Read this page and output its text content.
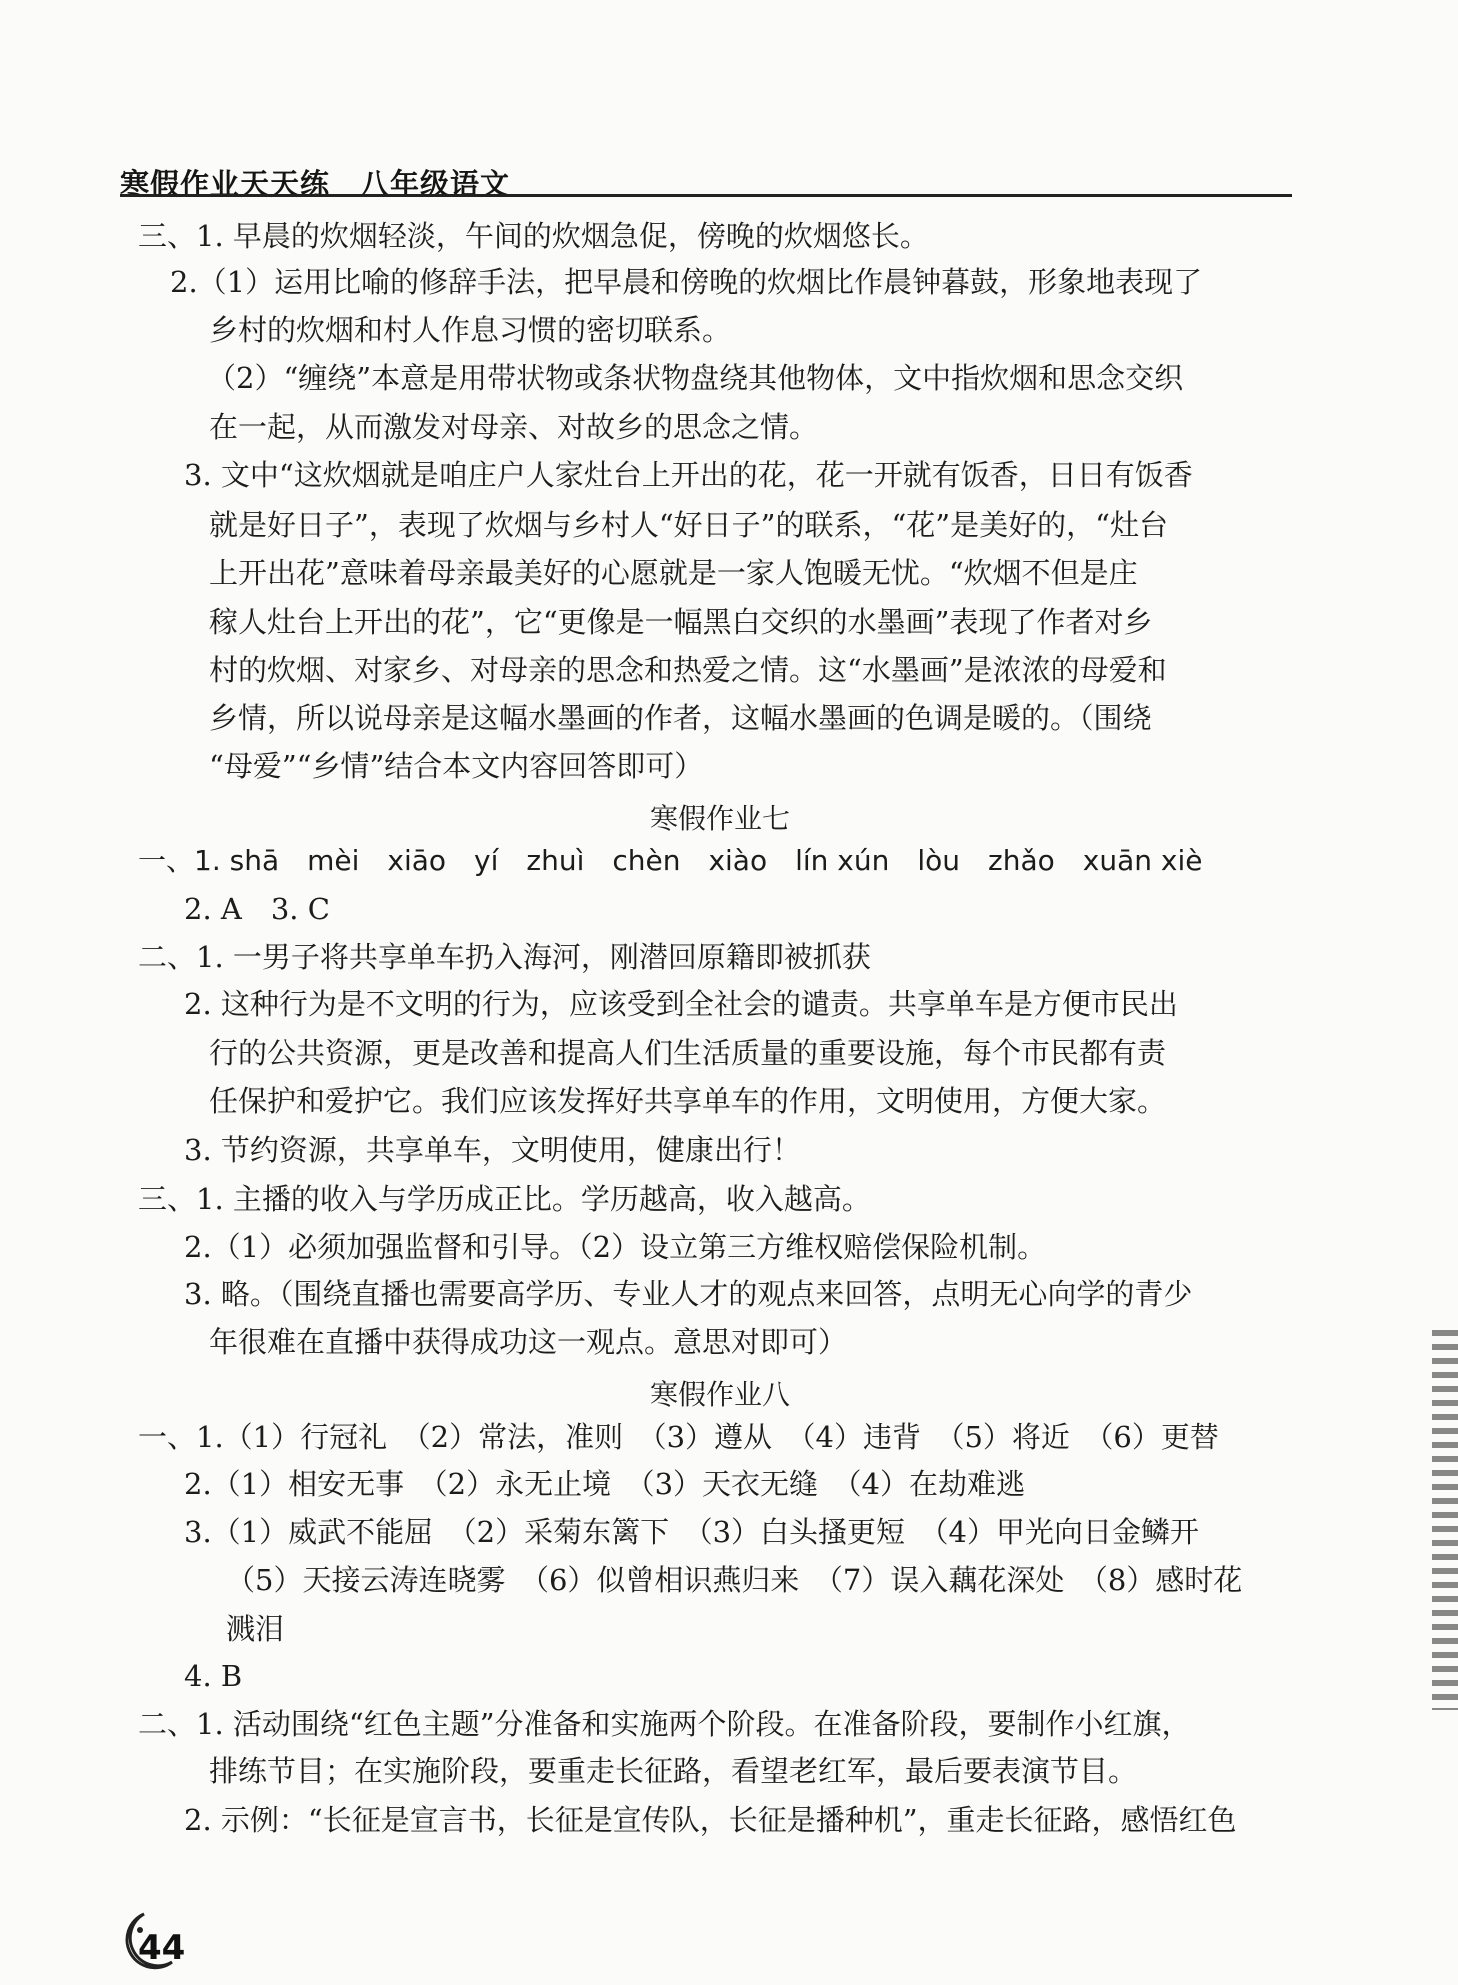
寒假作业天天练　八年级语文

三、1. 早晨的炊烟轻淡，午间的炊烟急促，傍晚的炊烟悠长。
2.（1）运用比喻的修辞手法，把早晨和傍晚的炊烟比作晨钟暮鼓，形象地表现了
乡村的炊烟和村人作息习惯的密切联系。
（2）“缠绕”本意是用带状物或条状物盘绕其他物体，文中指炊烟和思念交织
在一起，从而激发对母亲、对故乡的思念之情。
3. 文中“这炊烟就是咱庄户人家灶台上开出的花，花一开就有饭香，日日有饭香
就是好日子”，表现了炊烟与乡村人“好日子”的联系，“花”是美好的，“灶台
上开出花”意味着母亲最美好的心愿就是一家人饱暖无忧。“炊烟不但是庄
稼人灶台上开出的花”，它“更像是一幅黑白交织的水墨画”表现了作者对乡
村的炊烟、对家乡、对母亲的思念和热爱之情。这“水墨画”是浓浓的母爱和
乡情，所以说母亲是这幅水墨画的作者，这幅水墨画的色调是暖的。（围绕
“母爱”“乡情”结合本文内容回答即可）
寒假作业七
一、1. shā　mèi　xiāo　yí　zhuì　chèn　xiào　lín xún　lòu　zhǎo　xuān xiè
2. A　3. C
二、1. 一男子将共享单车扔入海河，刚潜回原籍即被抓获
2. 这种行为是不文明的行为，应该受到全社会的谴责。共享单车是方便市民出
行的公共资源，更是改善和提高人们生活质量的重要设施，每个市民都有责
任保护和爱护它。我们应该发挥好共享单车的作用，文明使用，方便大家。
3. 节约资源，共享单车，文明使用，健康出行！
三、1. 主播的收入与学历成正比。学历越高，收入越高。
2.（1）必须加强监督和引导。（2）设立第三方维权赔偿保险机制。
3. 略。（围绕直播也需要高学历、专业人才的观点来回答，点明无心向学的青少
年很难在直播中获得成功这一观点。意思对即可）
寒假作业八
一、1.（1）行冠礼　（2）常法，准则　（3）遵从　（4）违背　（5）将近　（6）更替
2.（1）相安无事　（2）永无止境　（3）天衣无缝　（4）在劫难逃
3.（1）威武不能屈　（2）采菊东篱下　（3）白头搔更短　（4）甲光向日金鳞开
（5）天接云涛连晓雾　（6）似曾相识燕归来　（7）误入藕花深处　（8）感时花
溅泪
4. B
二、1. 活动围绕“红色主题”分准备和实施两个阶段。在准备阶段，要制作小红旗，
排练节目；在实施阶段，要重走长征路，看望老红军，最后要表演节目。
2. 示例：“长征是宣言书，长征是宣传队，长征是播种机”，重走长征路，感悟红色
44
